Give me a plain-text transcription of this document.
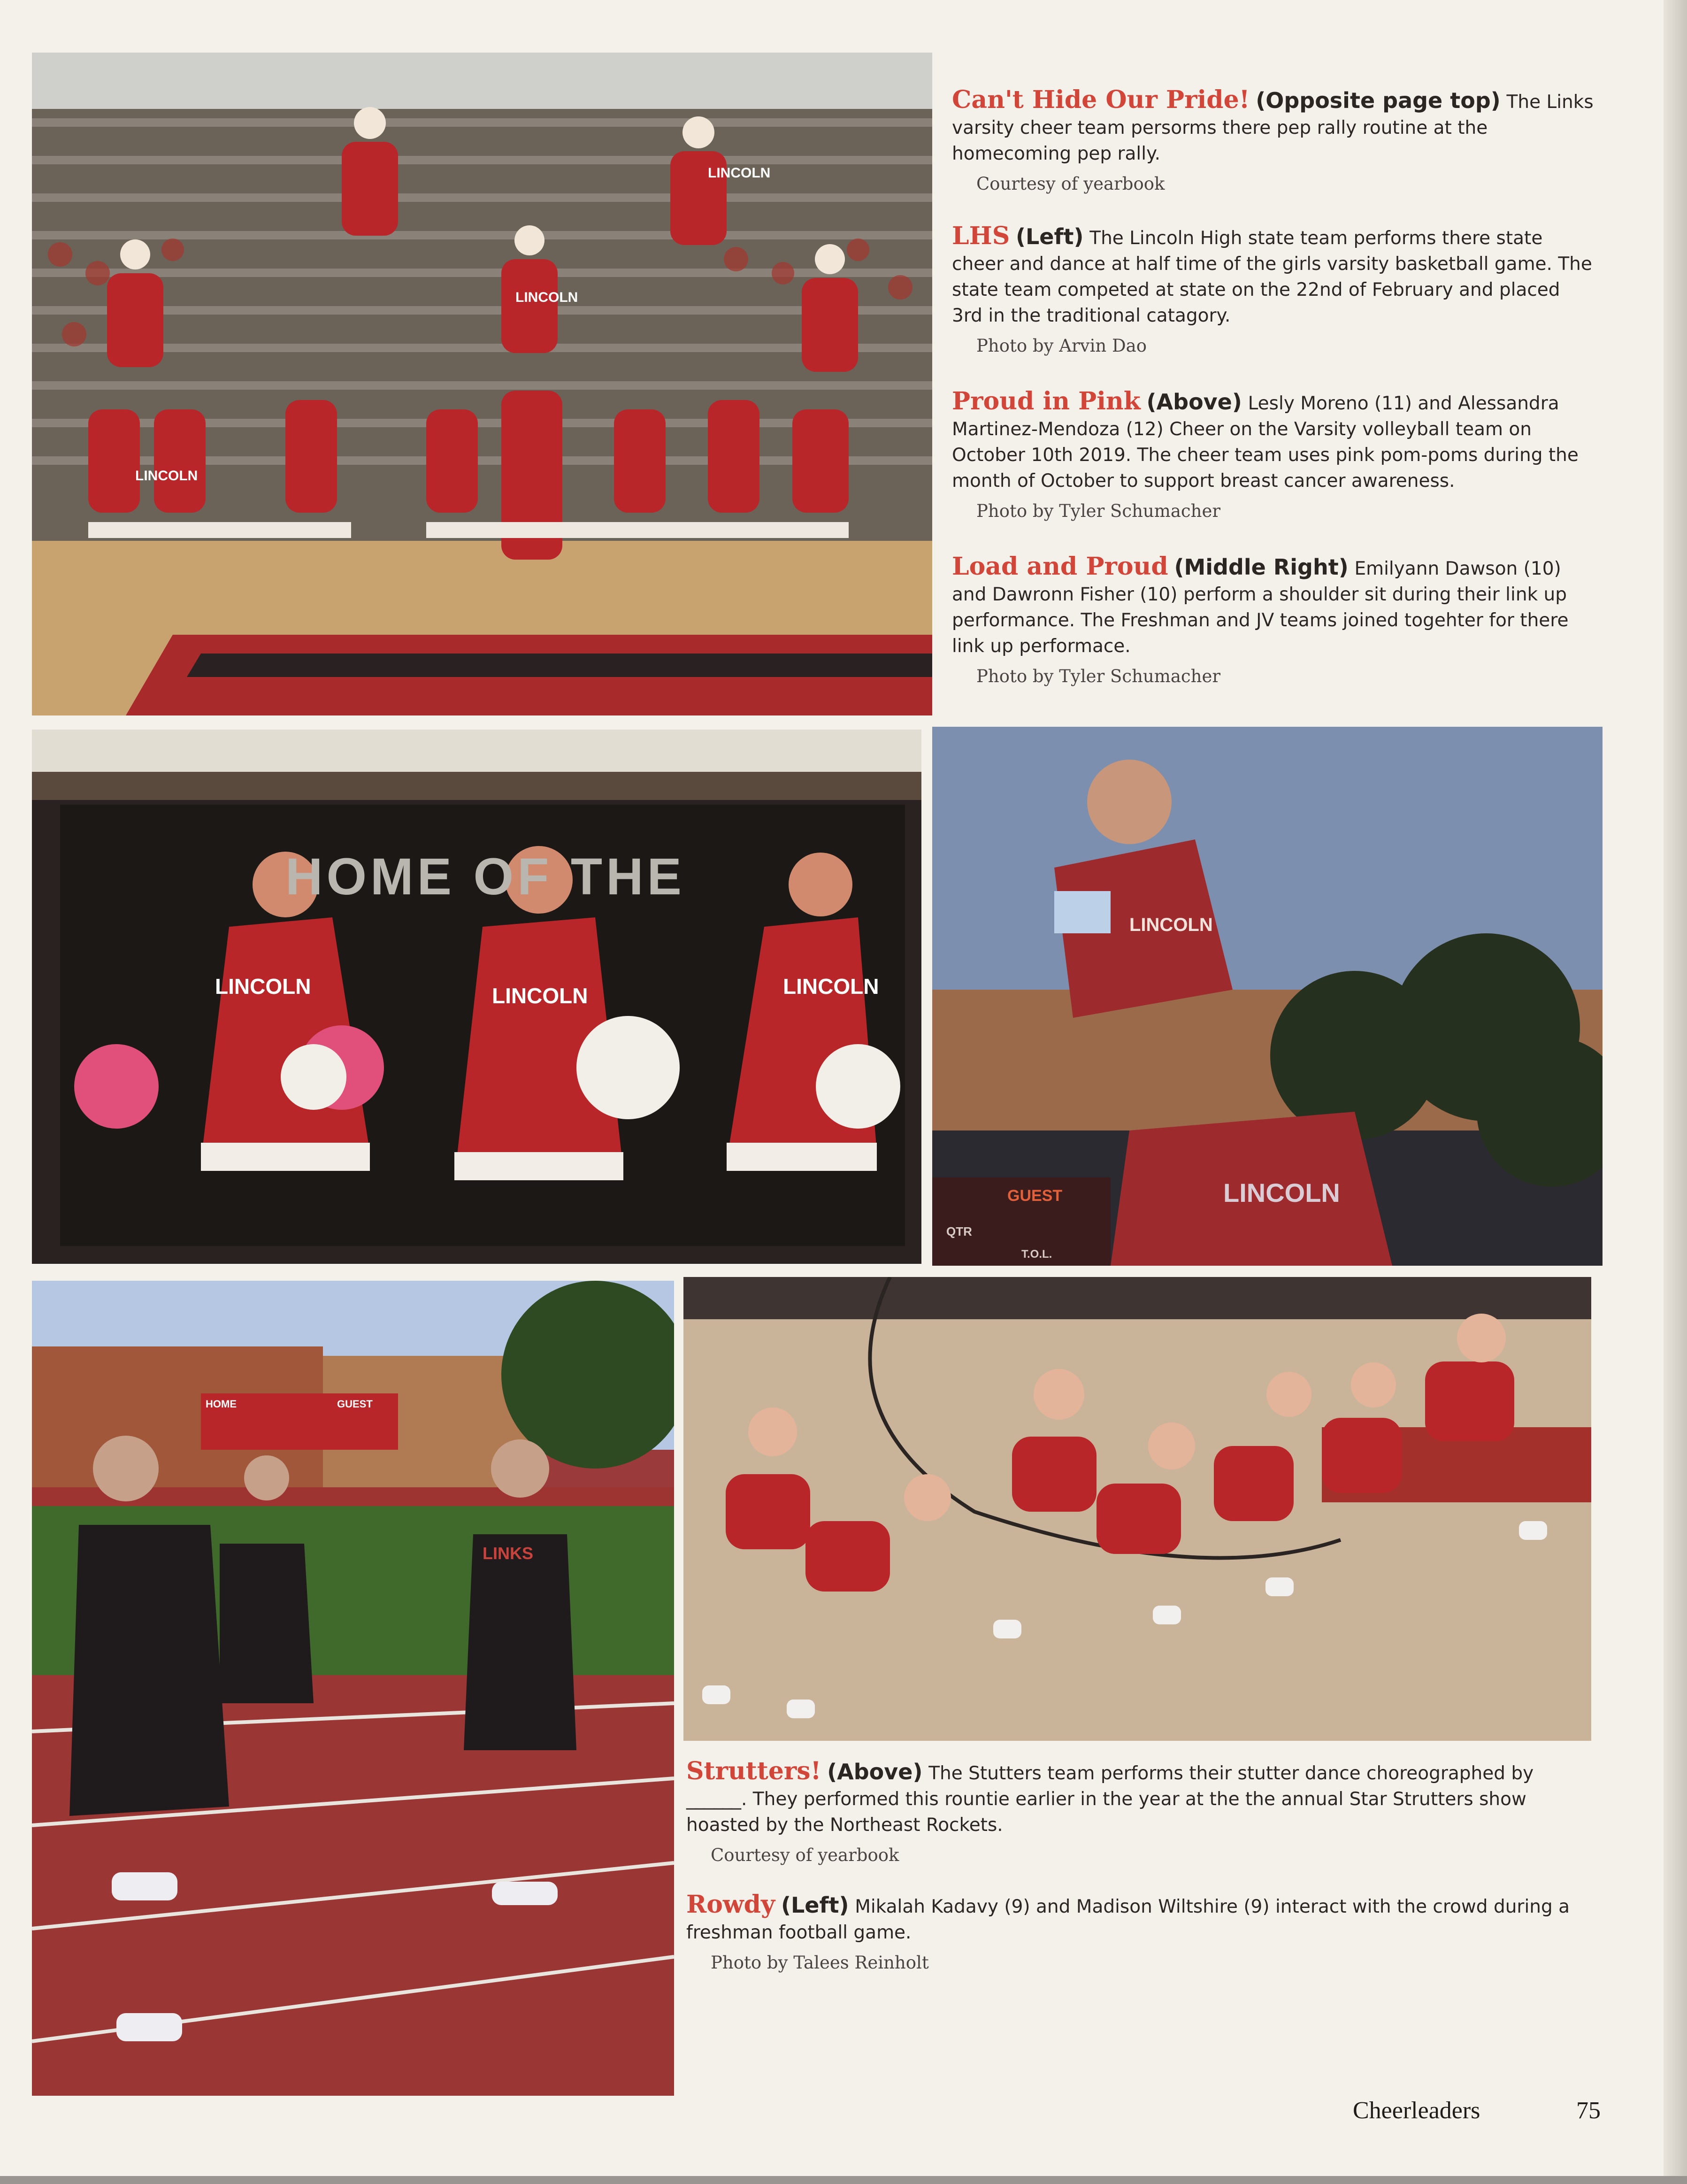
LINCOLN
LINCOLN
LINCOLN
HOME OF THE
LINCOLN	LINCOLN	LINCOLN
LINCOLN
LINCOLN
GUEST
QTR
T.O.L.
HOME	GUEST
LINKS
Can't Hide Our Pride! (Opposite page top) The Links varsity cheer team persorms there pep rally routine at the homecoming pep rally.
Courtesy of yearbook
LHS (Left) The Lincoln High state team performs there state cheer and dance at half time of the girls varsity basketball game. The state team competed at state on the 22nd of February and placed 3rd in the traditional catagory.
Photo by Arvin Dao
Proud in Pink (Above) Lesly Moreno (11) and Alessandra Martinez-Mendoza (12) Cheer on the Varsity volleyball team on October 10th 2019. The cheer team uses pink pom-poms during the month of October to support breast cancer awareness.
Photo by Tyler Schumacher
Load and Proud (Middle Right) Emilyann Dawson (10) and Dawronn Fisher (10) perform a shoulder sit during their link up performance. The Freshman and JV teams joined togehter for there link up performace.
Photo by Tyler Schumacher
Strutters! (Above) The Stutters team performs their stutter dance choreographed by ______. They performed this rountie earlier in the year at the the annual Star Strutters show hoasted by the Northeast Rockets.
Courtesy of yearbook
Rowdy (Left) Mikalah Kadavy (9) and Madison Wiltshire (9) interact with the crowd during a freshman football game.
Photo by Talees Reinholt
Cheerleaders	75
